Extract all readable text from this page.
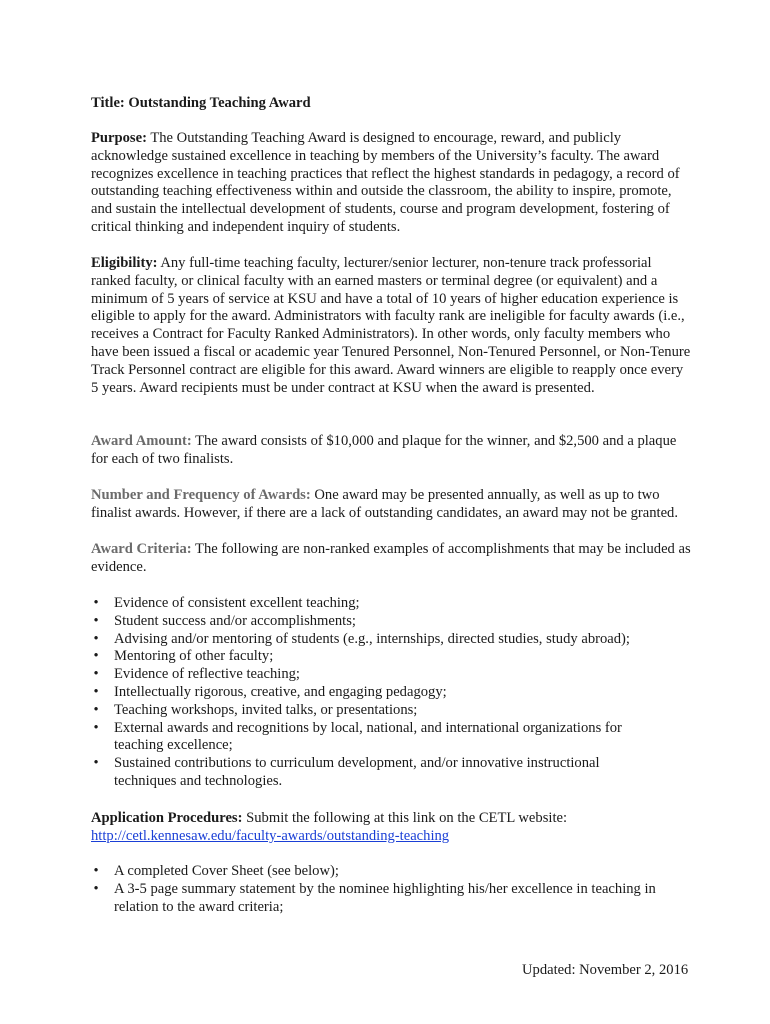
Title: Outstanding Teaching Award
Purpose: The Outstanding Teaching Award is designed to encourage, reward, and publicly acknowledge sustained excellence in teaching by members of the University’s faculty. The award recognizes excellence in teaching practices that reflect the highest standards in pedagogy, a record of outstanding teaching effectiveness within and outside the classroom, the ability to inspire, promote, and sustain the intellectual development of students, course and program development, fostering of critical thinking and independent inquiry of students.
Eligibility: Any full-time teaching faculty, lecturer/senior lecturer, non-tenure track professorial ranked faculty, or clinical faculty with an earned masters or terminal degree (or equivalent) and a minimum of 5 years of service at KSU and have a total of 10 years of higher education experience is eligible to apply for the award. Administrators with faculty rank are ineligible for faculty awards (i.e., receives a Contract for Faculty Ranked Administrators). In other words, only faculty members who have been issued a fiscal or academic year Tenured Personnel, Non-Tenured Personnel, or Non-Tenure Track Personnel contract are eligible for this award. Award winners are eligible to reapply once every 5 years. Award recipients must be under contract at KSU when the award is presented.
Award Amount: The award consists of $10,000 and plaque for the winner, and $2,500 and a plaque for each of two finalists.
Number and Frequency of Awards: One award may be presented annually, as well as up to two finalist awards. However, if there are a lack of outstanding candidates, an award may not be granted.
Award Criteria: The following are non-ranked examples of accomplishments that may be included as evidence.
• Evidence of consistent excellent teaching;
• Student success and/or accomplishments;
• Advising and/or mentoring of students (e.g., internships, directed studies, study abroad);
• Mentoring of other faculty;
• Evidence of reflective teaching;
• Intellectually rigorous, creative, and engaging pedagogy;
• Teaching workshops, invited talks, or presentations;
• External awards and recognitions by local, national, and international organizations for teaching excellence;
• Sustained contributions to curriculum development, and/or innovative instructional techniques and technologies.
Application Procedures: Submit the following at this link on the CETL website:
http://cetl.kennesaw.edu/faculty-awards/outstanding-teaching
• A completed Cover Sheet (see below);
• A 3-5 page summary statement by the nominee highlighting his/her excellence in teaching in relation to the award criteria;
Updated: November 2, 2016
